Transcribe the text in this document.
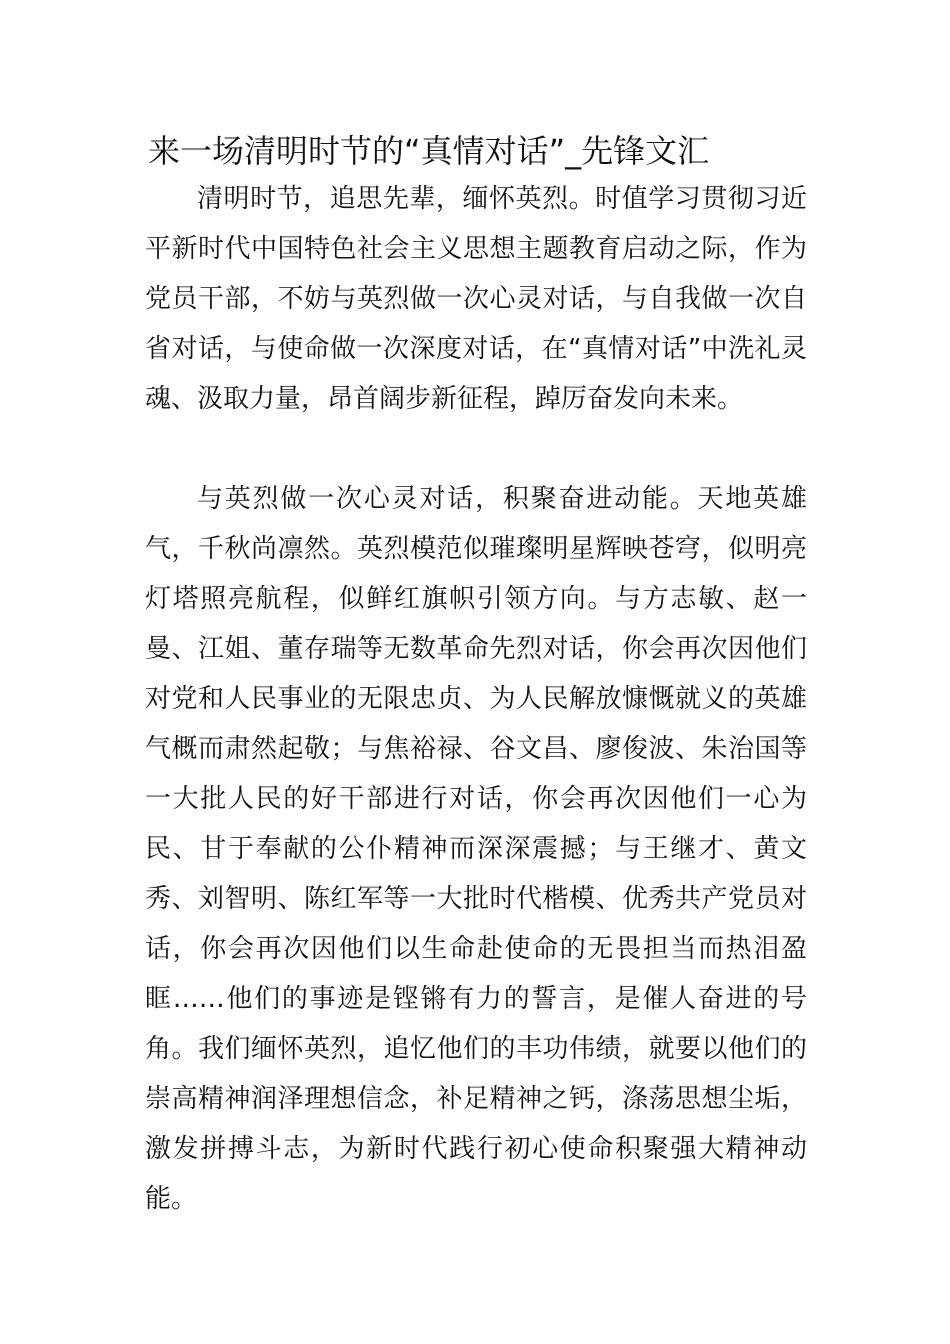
来一场清明时节的“真情对话”_先锋文汇

清明时节，追思先辈，缅怀英烈。时值学习贯彻习近平新时代中国特色社会主义思想主题教育启动之际，作为党员干部，不妨与英烈做一次心灵对话，与自我做一次自省对话，与使命做一次深度对话，在“真情对话”中洗礼灵魂、汲取力量，昂首阔步新征程，踔厉奋发向未来。

与英烈做一次心灵对话，积聚奋进动能。天地英雄气，千秋尚凛然。英烈模范似璀璨明星辉映苍穹，似明亮灯塔照亮航程，似鲜红旗帜引领方向。与方志敏、赵一曼、江姐、董存瑞等无数革命先烈对话，你会再次因他们对党和人民事业的无限忠贞、为人民解放慷慨就义的英雄气概而肃然起敬；与焦裕禄、谷文昌、廖俊波、朱治国等一大批人民的好干部进行对话，你会再次因他们一心为民、甘于奉献的公仆精神而深深震撼；与王继才、黄文秀、刘智明、陈红军等一大批时代楷模、优秀共产党员对话，你会再次因他们以生命赴使命的无畏担当而热泪盈眶……他们的事迹是铿锵有力的誓言，是催人奋进的号角。我们缅怀英烈，追忆他们的丰功伟绩，就要以他们的崇高精神润泽理想信念，补足精神之钙，涤荡思想尘垢，激发拼搏斗志，为新时代践行初心使命积聚强大精神动能。
